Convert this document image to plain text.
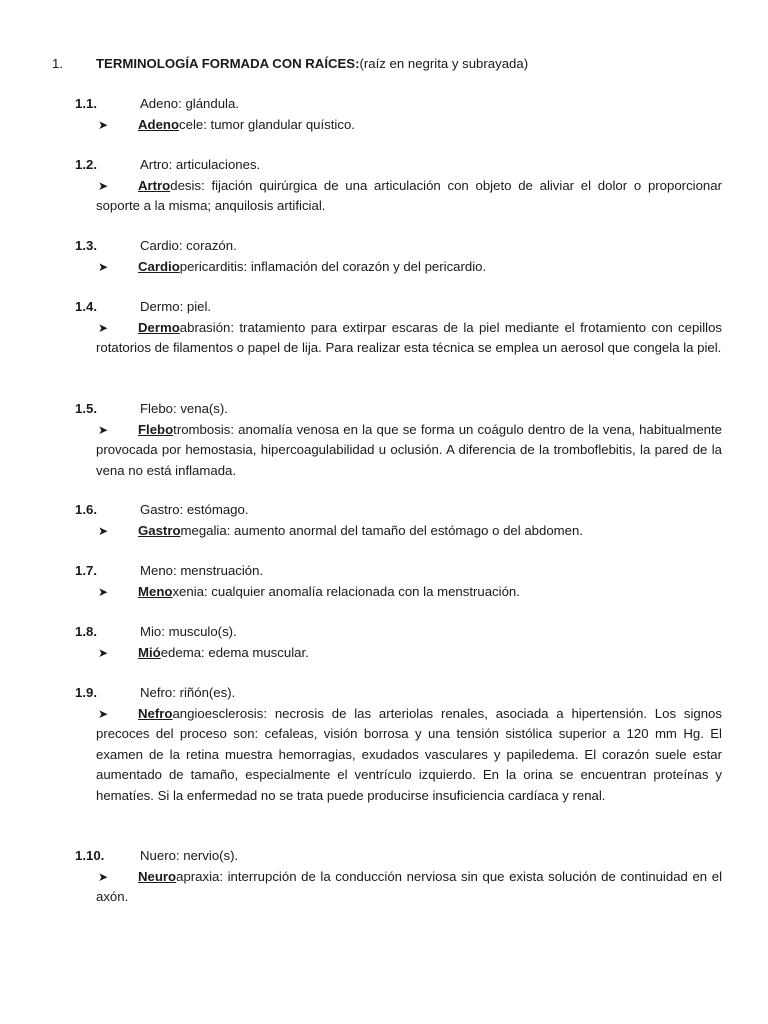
1.	TERMINOLOGÍA FORMADA CON RAÍCES:(raíz en negrita y subrayada)
1.1.	Adeno: glándula.
➤ Adenocele: tumor glandular quístico.
1.2.	Artro: articulaciones.
➤ Artrodesis: fijación quirúrgica de una articulación con objeto de aliviar el dolor o proporcionar soporte a la misma; anquilosis artificial.
1.3.	Cardio: corazón.
➤ Cardiopericarditis: inflamación del corazón y del pericardio.
1.4.	Dermo: piel.
➤ Dermoabrasión: tratamiento para extirpar escaras de la piel mediante el frotamiento con cepillos rotatorios de filamentos o papel de lija. Para realizar esta técnica se emplea un aerosol que congela la piel.
1.5.	Flebo: vena(s).
➤ Flebotrombosis: anomalía venosa en la que se forma un coágulo dentro de la vena, habitualmente provocada por hemostasia, hipercoagulabilidad u oclusión. A diferencia de la tromboflebitis, la pared de la vena no está inflamada.
1.6.	Gastro: estómago.
➤ Gastromegalia: aumento anormal del tamaño del estómago o del abdomen.
1.7.	Meno: menstruación.
➤ Menoxenia: cualquier anomalía relacionada con la menstruación.
1.8.	Mio: musculo(s).
➤ Mióedema: edema muscular.
1.9.	Nefro: riñón(es).
➤ Nefroangioesclerosis: necrosis de las arteriolas renales, asociada a hipertensión. Los signos precoces del proceso son: cefaleas, visión borrosa y una tensión sistólica superior a 120 mm Hg. El examen de la retina muestra hemorragias, exudados vasculares y papiledema. El corazón suele estar aumentado de tamaño, especialmente el ventrículo izquierdo. En la orina se encuentran proteínas y hematíes. Si la enfermedad no se trata puede producirse insuficiencia cardíaca y renal.
1.10.	Nuero: nervio(s).
➤ Neuroapraxia: interrupción de la conducción nerviosa sin que exista solución de continuidad en el axón.
